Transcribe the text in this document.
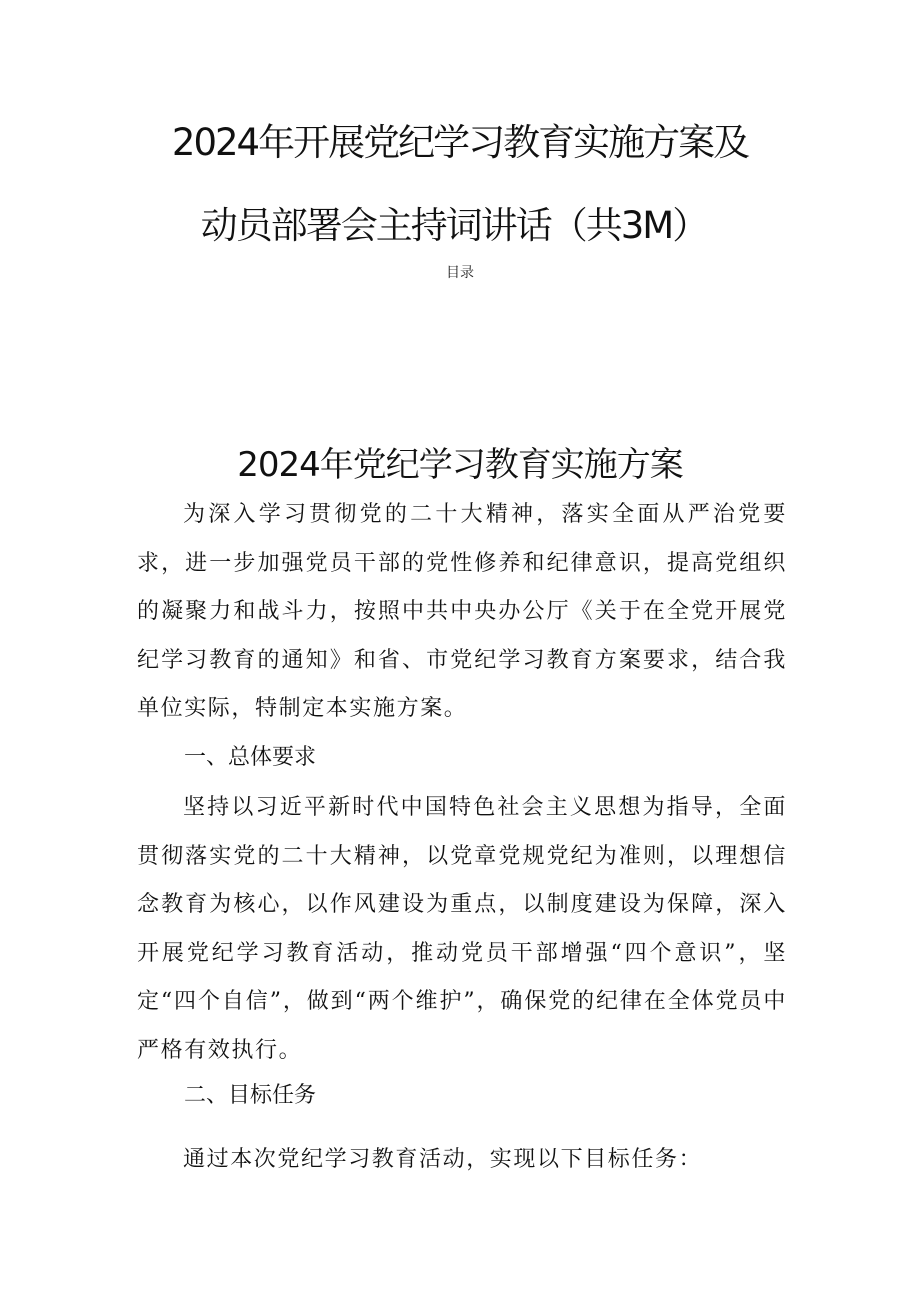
2024年开展党纪学习教育实施方案及
动员部署会主持词讲话（共3M）
目录
2024年党纪学习教育实施方案
为深入学习贯彻党的二十大精神，落实全面从严治党要求，进一步加强党员干部的党性修养和纪律意识，提高党组织的凝聚力和战斗力，按照中共中央办公厅《关于在全党开展党纪学习教育的通知》和省、市党纪学习教育方案要求，结合我单位实际，特制定本实施方案。
一、总体要求
坚持以习近平新时代中国特色社会主义思想为指导，全面贯彻落实党的二十大精神，以党章党规党纪为准则，以理想信念教育为核心，以作风建设为重点，以制度建设为保障，深入开展党纪学习教育活动，推动党员干部增强“四个意识”，坚定“四个自信”，做到“两个维护”，确保党的纪律在全体党员中严格有效执行。
二、目标任务
通过本次党纪学习教育活动，实现以下目标任务：
